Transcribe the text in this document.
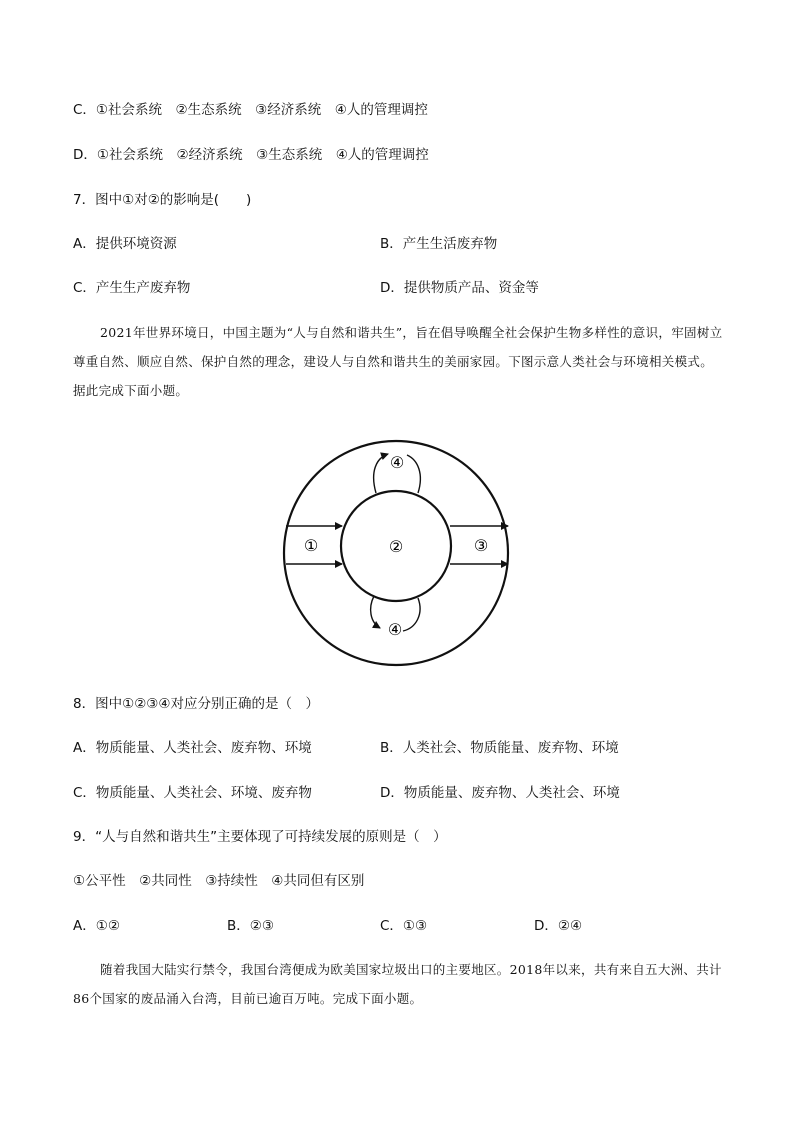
C．①社会系统　②生态系统　③经济系统　④人的管理调控
D．①社会系统　②经济系统　③生态系统　④人的管理调控
7．图中①对②的影响是(　　)
A．提供环境资源	B．产生生活废弃物
C．产生生产废弃物	D．提供物质产品、资金等
2021年世界环境日，中国主题为“人与自然和谐共生”，旨在倡导唤醒全社会保护生物多样性的意识，牢固树立尊重自然、顺应自然、保护自然的理念，建设人与自然和谐共生的美丽家园。下图示意人类社会与环境相关模式。据此完成下面小题。
①	②	③
④
④
8．图中①②③④对应分别正确的是（　）
A．物质能量、人类社会、废弃物、环境	B．人类社会、物质能量、废弃物、环境
C．物质能量、人类社会、环境、废弃物	D．物质能量、废弃物、人类社会、环境
9．“人与自然和谐共生”主要体现了可持续发展的原则是（　）
①公平性　②共同性　③持续性　④共同但有区别
A．①②	B．②③	C．①③	D．②④
随着我国大陆实行禁令，我国台湾便成为欧美国家垃圾出口的主要地区。2018年以来，共有来自五大洲、共计86个国家的废品涌入台湾，目前已逾百万吨。完成下面小题。
